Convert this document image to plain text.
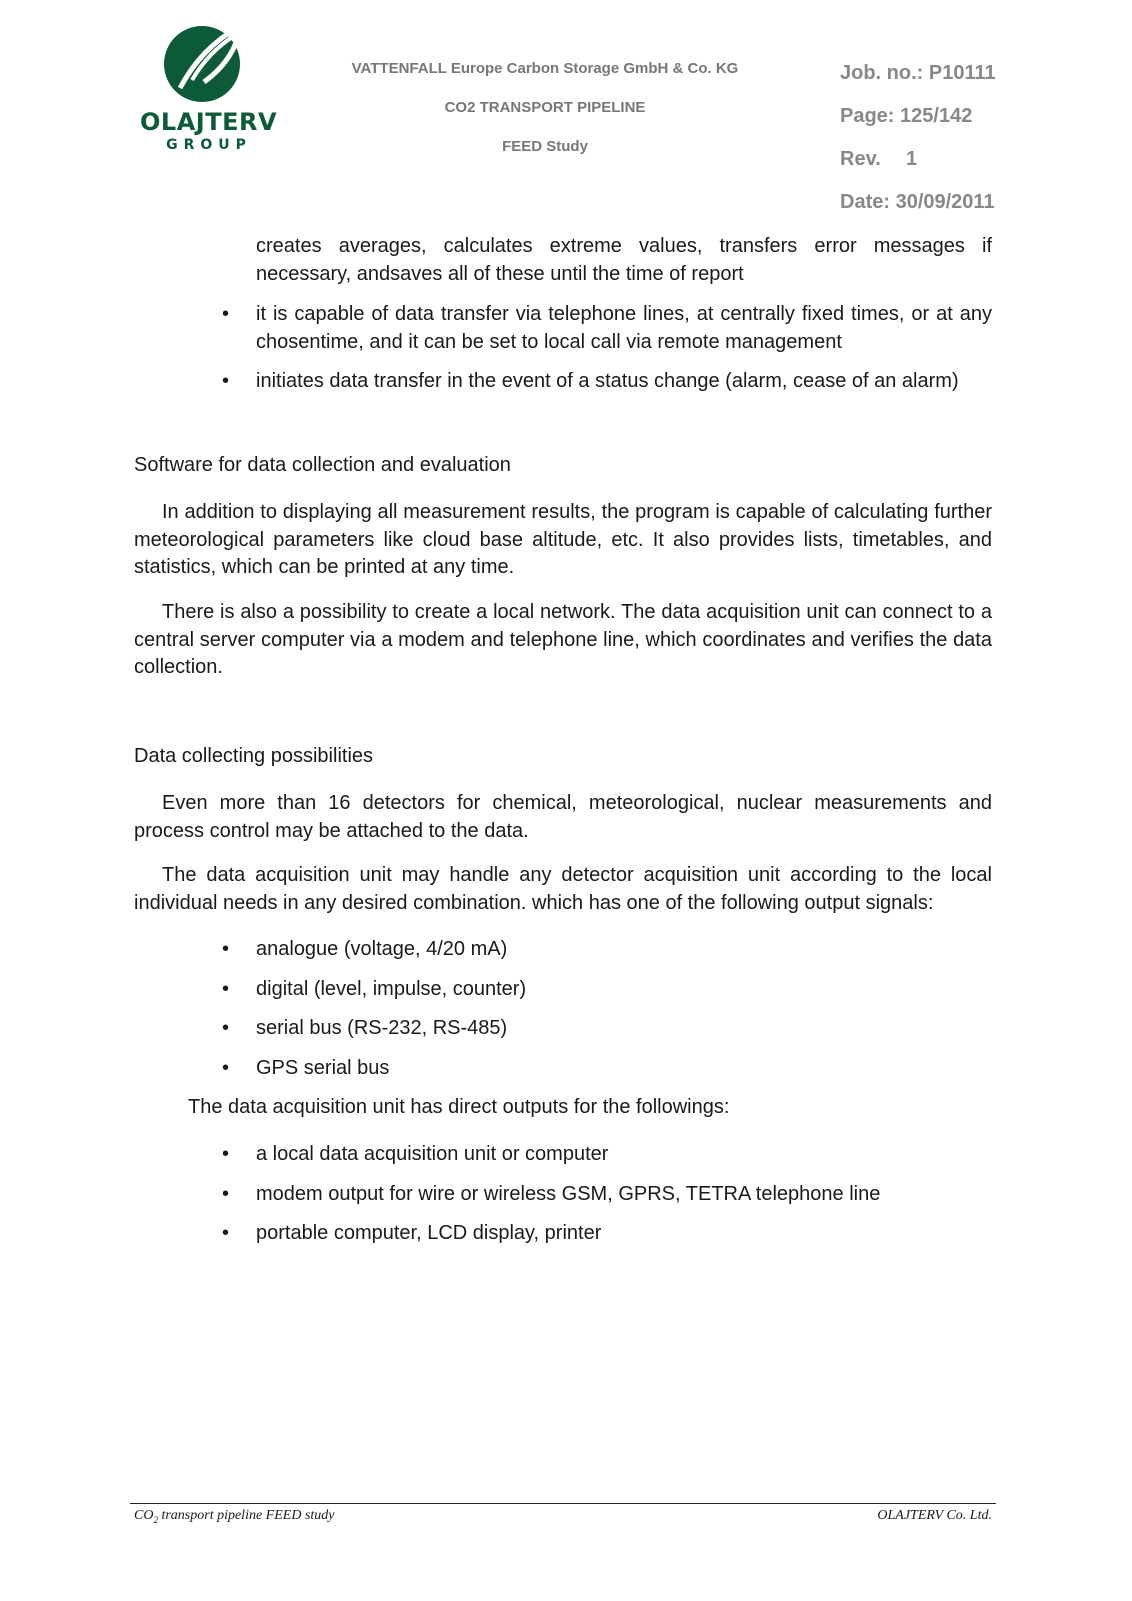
OLAJTERV
GROUP
VATTENFALL Europe Carbon Storage GmbH & Co. KG
CO2 TRANSPORT PIPELINE
FEED Study
Job. no.: P10111
Page: 125/142
Rev. 1
Date: 30/09/2011

creates averages, calculates extreme values, transfers error messages if necessary, andsaves all of these until the time of report

• it is capable of data transfer via telephone lines, at centrally fixed times, or at any chosentime, and it can be set to local call via remote management

• initiates data transfer in the event of a status change (alarm, cease of an alarm)

Software for data collection and evaluation

In addition to displaying all measurement results, the program is capable of calculating further meteorological parameters like cloud base altitude, etc. It also provides lists, timetables, and statistics, which can be printed at any time.

There is also a possibility to create a local network. The data acquisition unit can connect to a central server computer via a modem and telephone line, which coordinates and verifies the data collection.

Data collecting possibilities

Even more than 16 detectors for chemical, meteorological, nuclear measurements and process control may be attached to the data.

The data acquisition unit may handle any detector acquisition unit according to the local individual needs in any desired combination. which has one of the following output signals:

• analogue (voltage, 4/20 mA)
• digital (level, impulse, counter)
• serial bus (RS-232, RS-485)
• GPS serial bus
The data acquisition unit has direct outputs for the followings:
• a local data acquisition unit or computer
• modem output for wire or wireless GSM, GPRS, TETRA telephone line
• portable computer, LCD display, printer
$CO_2$ transport pipeline FEED study	OLAJTERV Co. Ltd.
